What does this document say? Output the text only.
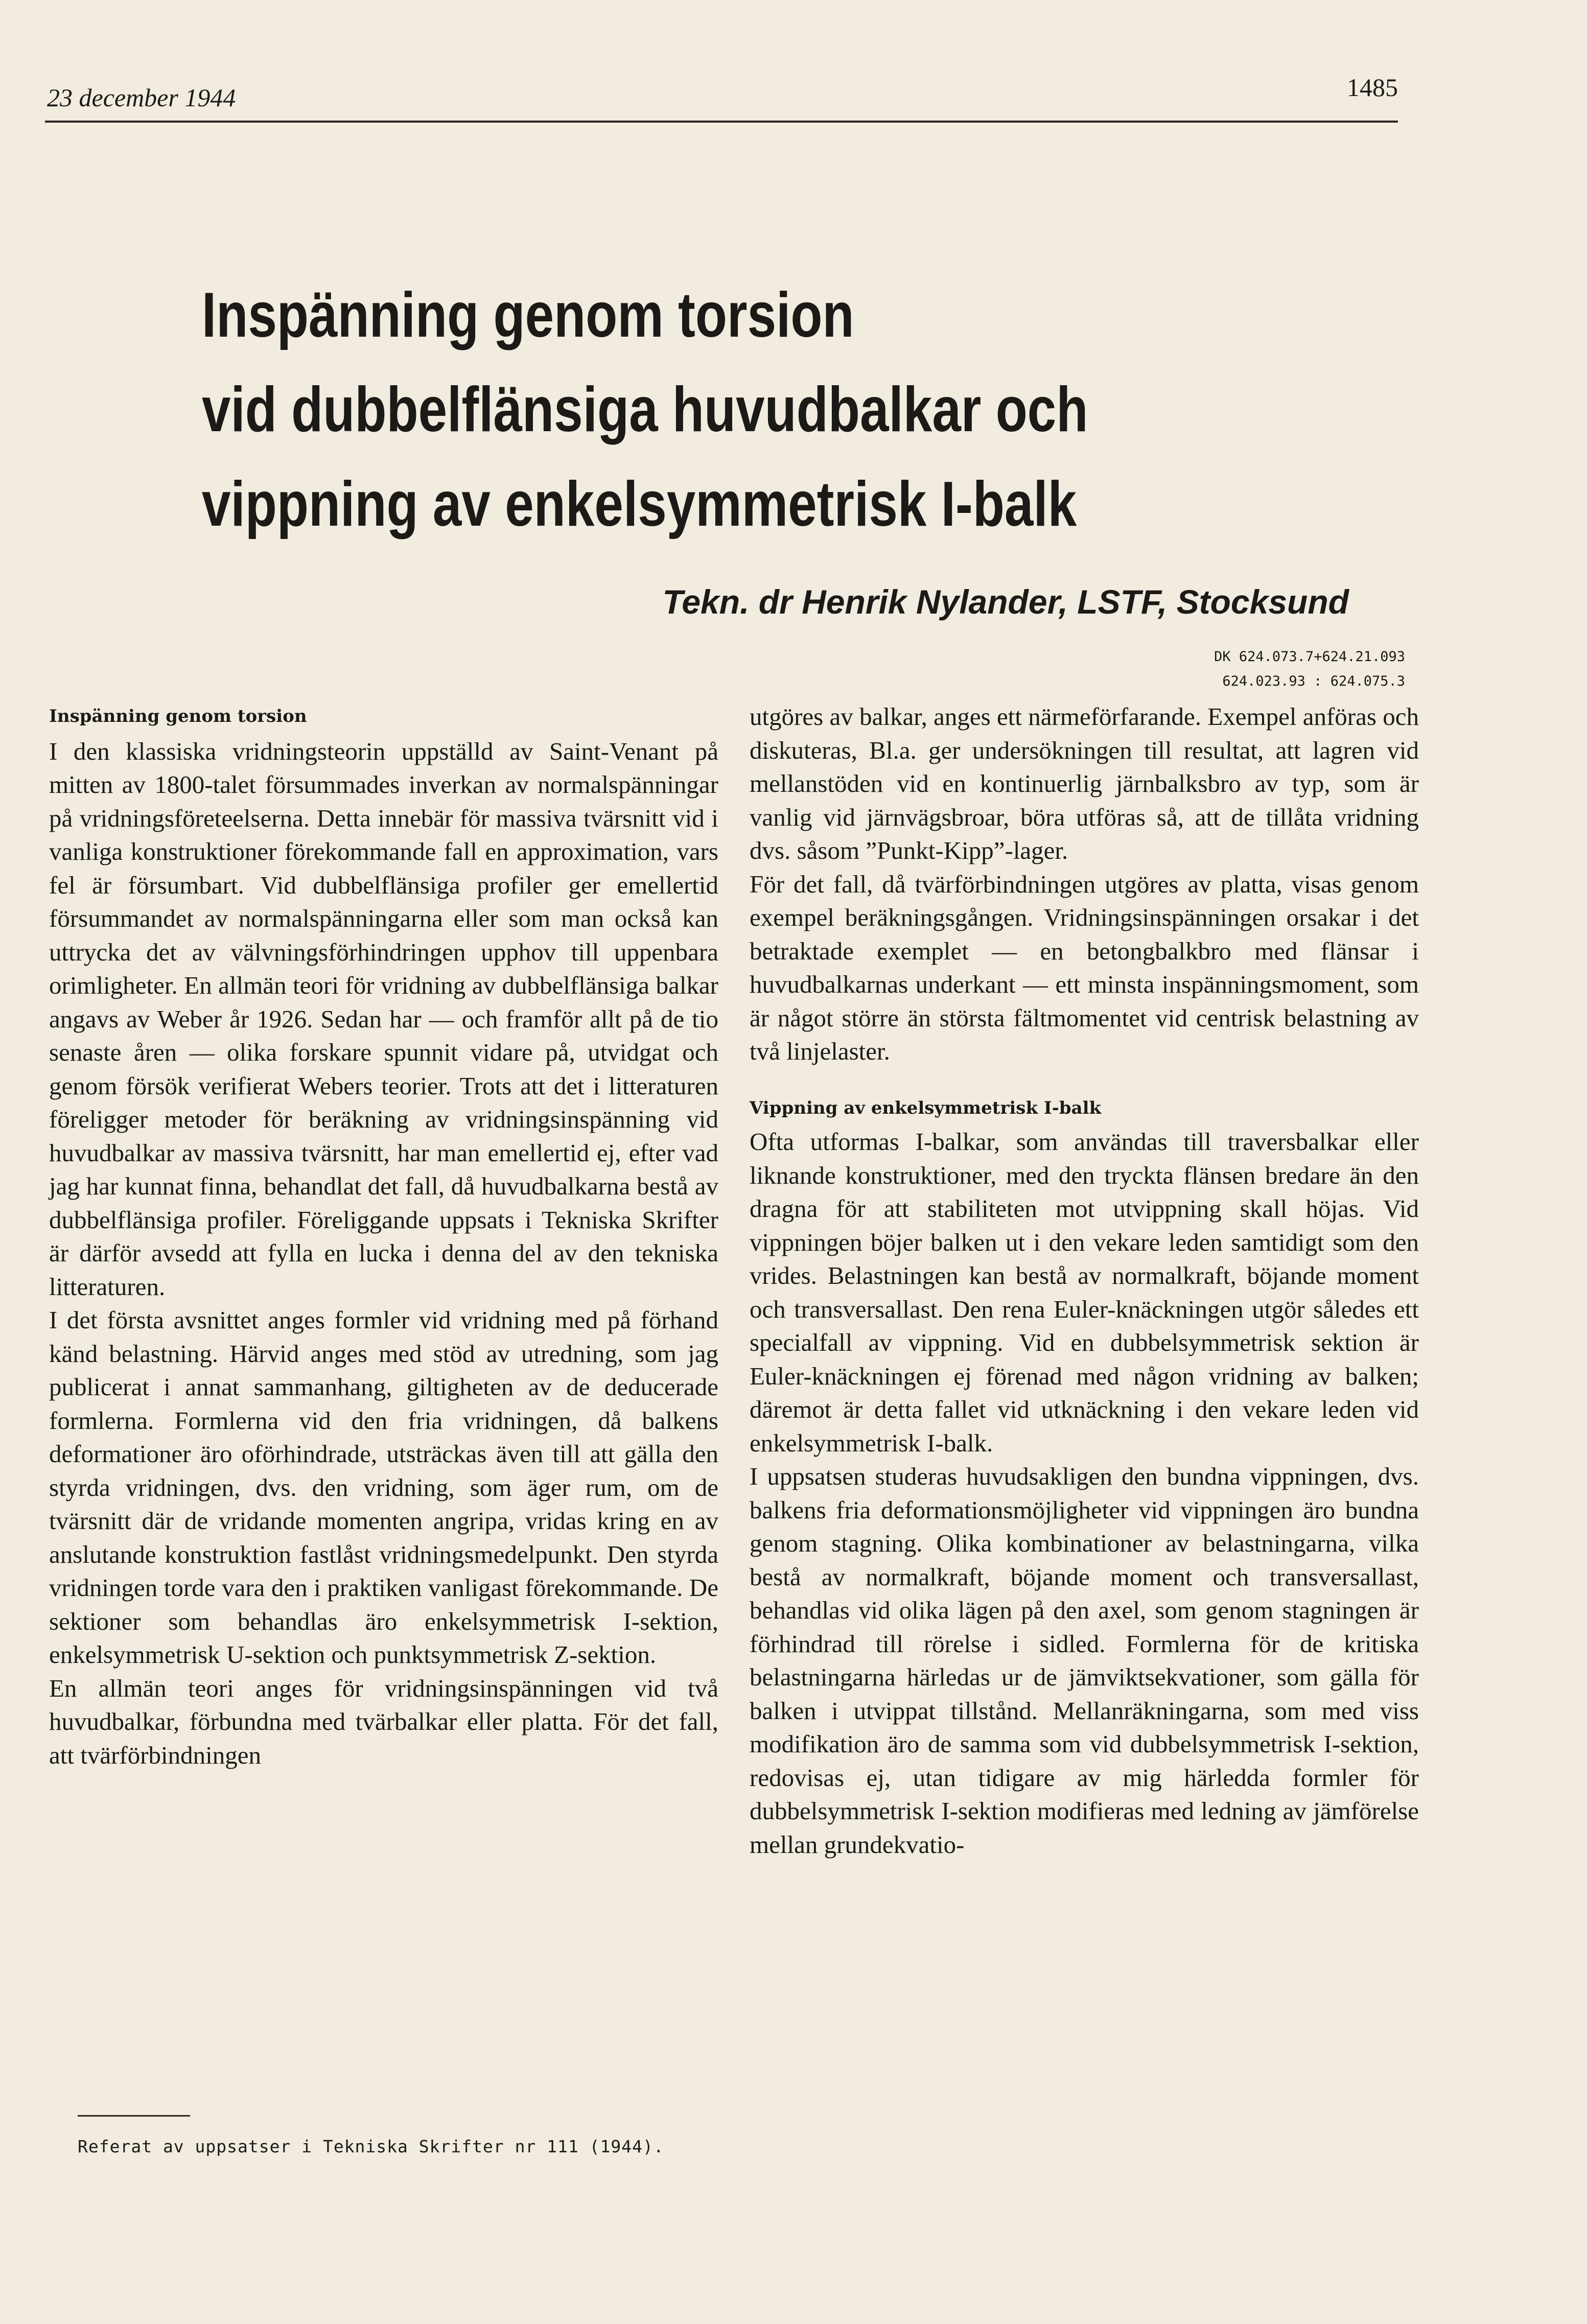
23 december 1944	1485
Inspänning genom torsion
vid dubbelflänsiga huvudbalkar och
vippning av enkelsymmetrisk I-balk
Tekn. dr Henrik Nylander, LSTF, Stocksund
DK 624.073.7+624.21.093
624.023.93 : 624.075.3
Inspänning genom torsion

I den klassiska vridningsteorin uppställd av Saint-Venant på mitten av 1800-talet försummades inverkan av normalspänningar på vridningsföreteelserna. Detta innebär för massiva tvärsnitt vid i vanliga konstruktioner förekommande fall en approximation, vars fel är försumbart. Vid dubbelflänsiga profiler ger emellertid försummandet av normalspänningarna eller som man också kan uttrycka det av välvningsförhindringen upphov till uppenbara orimligheter. En allmän teori för vridning av dubbelflänsiga balkar angavs av Weber år 1926. Sedan har — och framför allt på de tio senaste åren — olika forskare spunnit vidare på, utvidgat och genom försök verifierat Webers teorier. Trots att det i litteraturen föreligger metoder för beräkning av vridningsinspänning vid huvudbalkar av massiva tvärsnitt, har man emellertid ej, efter vad jag har kunnat finna, behandlat det fall, då huvudbalkarna bestå av dubbelflänsiga profiler. Föreliggande uppsats i Tekniska Skrifter är därför avsedd att fylla en lucka i denna del av den tekniska litteraturen.

I det första avsnittet anges formler vid vridning med på förhand känd belastning. Härvid anges med stöd av utredning, som jag publicerat i annat sammanhang, giltigheten av de deducerade formlerna. Formlerna vid den fria vridningen, då balkens deformationer äro oförhindrade, utsträckas även till att gälla den styrda vridningen, dvs. den vridning, som äger rum, om de tvärsnitt där de vridande momenten angripa, vridas kring en av anslutande konstruktion fastlåst vridningsmedelpunkt. Den styrda vridningen torde vara den i praktiken vanligast förekommande. De sektioner som behandlas äro enkelsymmetrisk I-sektion, enkelsymmetrisk U-sektion och punktsymmetrisk Z-sektion.

En allmän teori anges för vridningsinspänningen vid två huvudbalkar, förbundna med tvärbalkar eller platta. För det fall, att tvärförbindningen

utgöres av balkar, anges ett närmeförfarande. Exempel anföras och diskuteras, Bl.a. ger undersökningen till resultat, att lagren vid mellanstöden vid en kontinuerlig järnbalksbro av typ, som är vanlig vid järnvägsbroar, böra utföras så, att de tillåta vridning dvs. såsom ”Punkt-Kipp”-lager.

För det fall, då tvärförbindningen utgöres av platta, visas genom exempel beräkningsgången. Vridningsinspänningen orsakar i det betraktade exemplet — en betongbalkbro med flänsar i huvudbalkarnas underkant — ett minsta inspänningsmoment, som är något större än största fältmomentet vid centrisk belastning av två linjelaster.

Vippning av enkelsymmetrisk I-balk

Ofta utformas I-balkar, som användas till traversbalkar eller liknande konstruktioner, med den tryckta flänsen bredare än den dragna för att stabiliteten mot utvippning skall höjas. Vid vippningen böjer balken ut i den vekare leden samtidigt som den vrides. Belastningen kan bestå av normalkraft, böjande moment och transversallast. Den rena Euler-knäckningen utgör således ett specialfall av vippning. Vid en dubbelsymmetrisk sektion är Euler-knäckningen ej förenad med någon vridning av balken; däremot är detta fallet vid utknäckning i den vekare leden vid enkelsymmetrisk I-balk.

I uppsatsen studeras huvudsakligen den bundna vippningen, dvs. balkens fria deformationsmöjligheter vid vippningen äro bundna genom stagning. Olika kombinationer av belastningarna, vilka bestå av normalkraft, böjande moment och transversallast, behandlas vid olika lägen på den axel, som genom stagningen är förhindrad till rörelse i sidled. Formlerna för de kritiska belastningarna härledas ur de jämviktsekvationer, som gälla för balken i utvippat tillstånd. Mellanräkningarna, som med viss modifikation äro de samma som vid dubbelsymmetrisk I-sektion, redovisas ej, utan tidigare av mig härledda formler för dubbelsymmetrisk I-sektion modifieras med ledning av jämförelse mellan grundekvatio-

Referat av uppsatser i Tekniska Skrifter nr 111 (1944).
